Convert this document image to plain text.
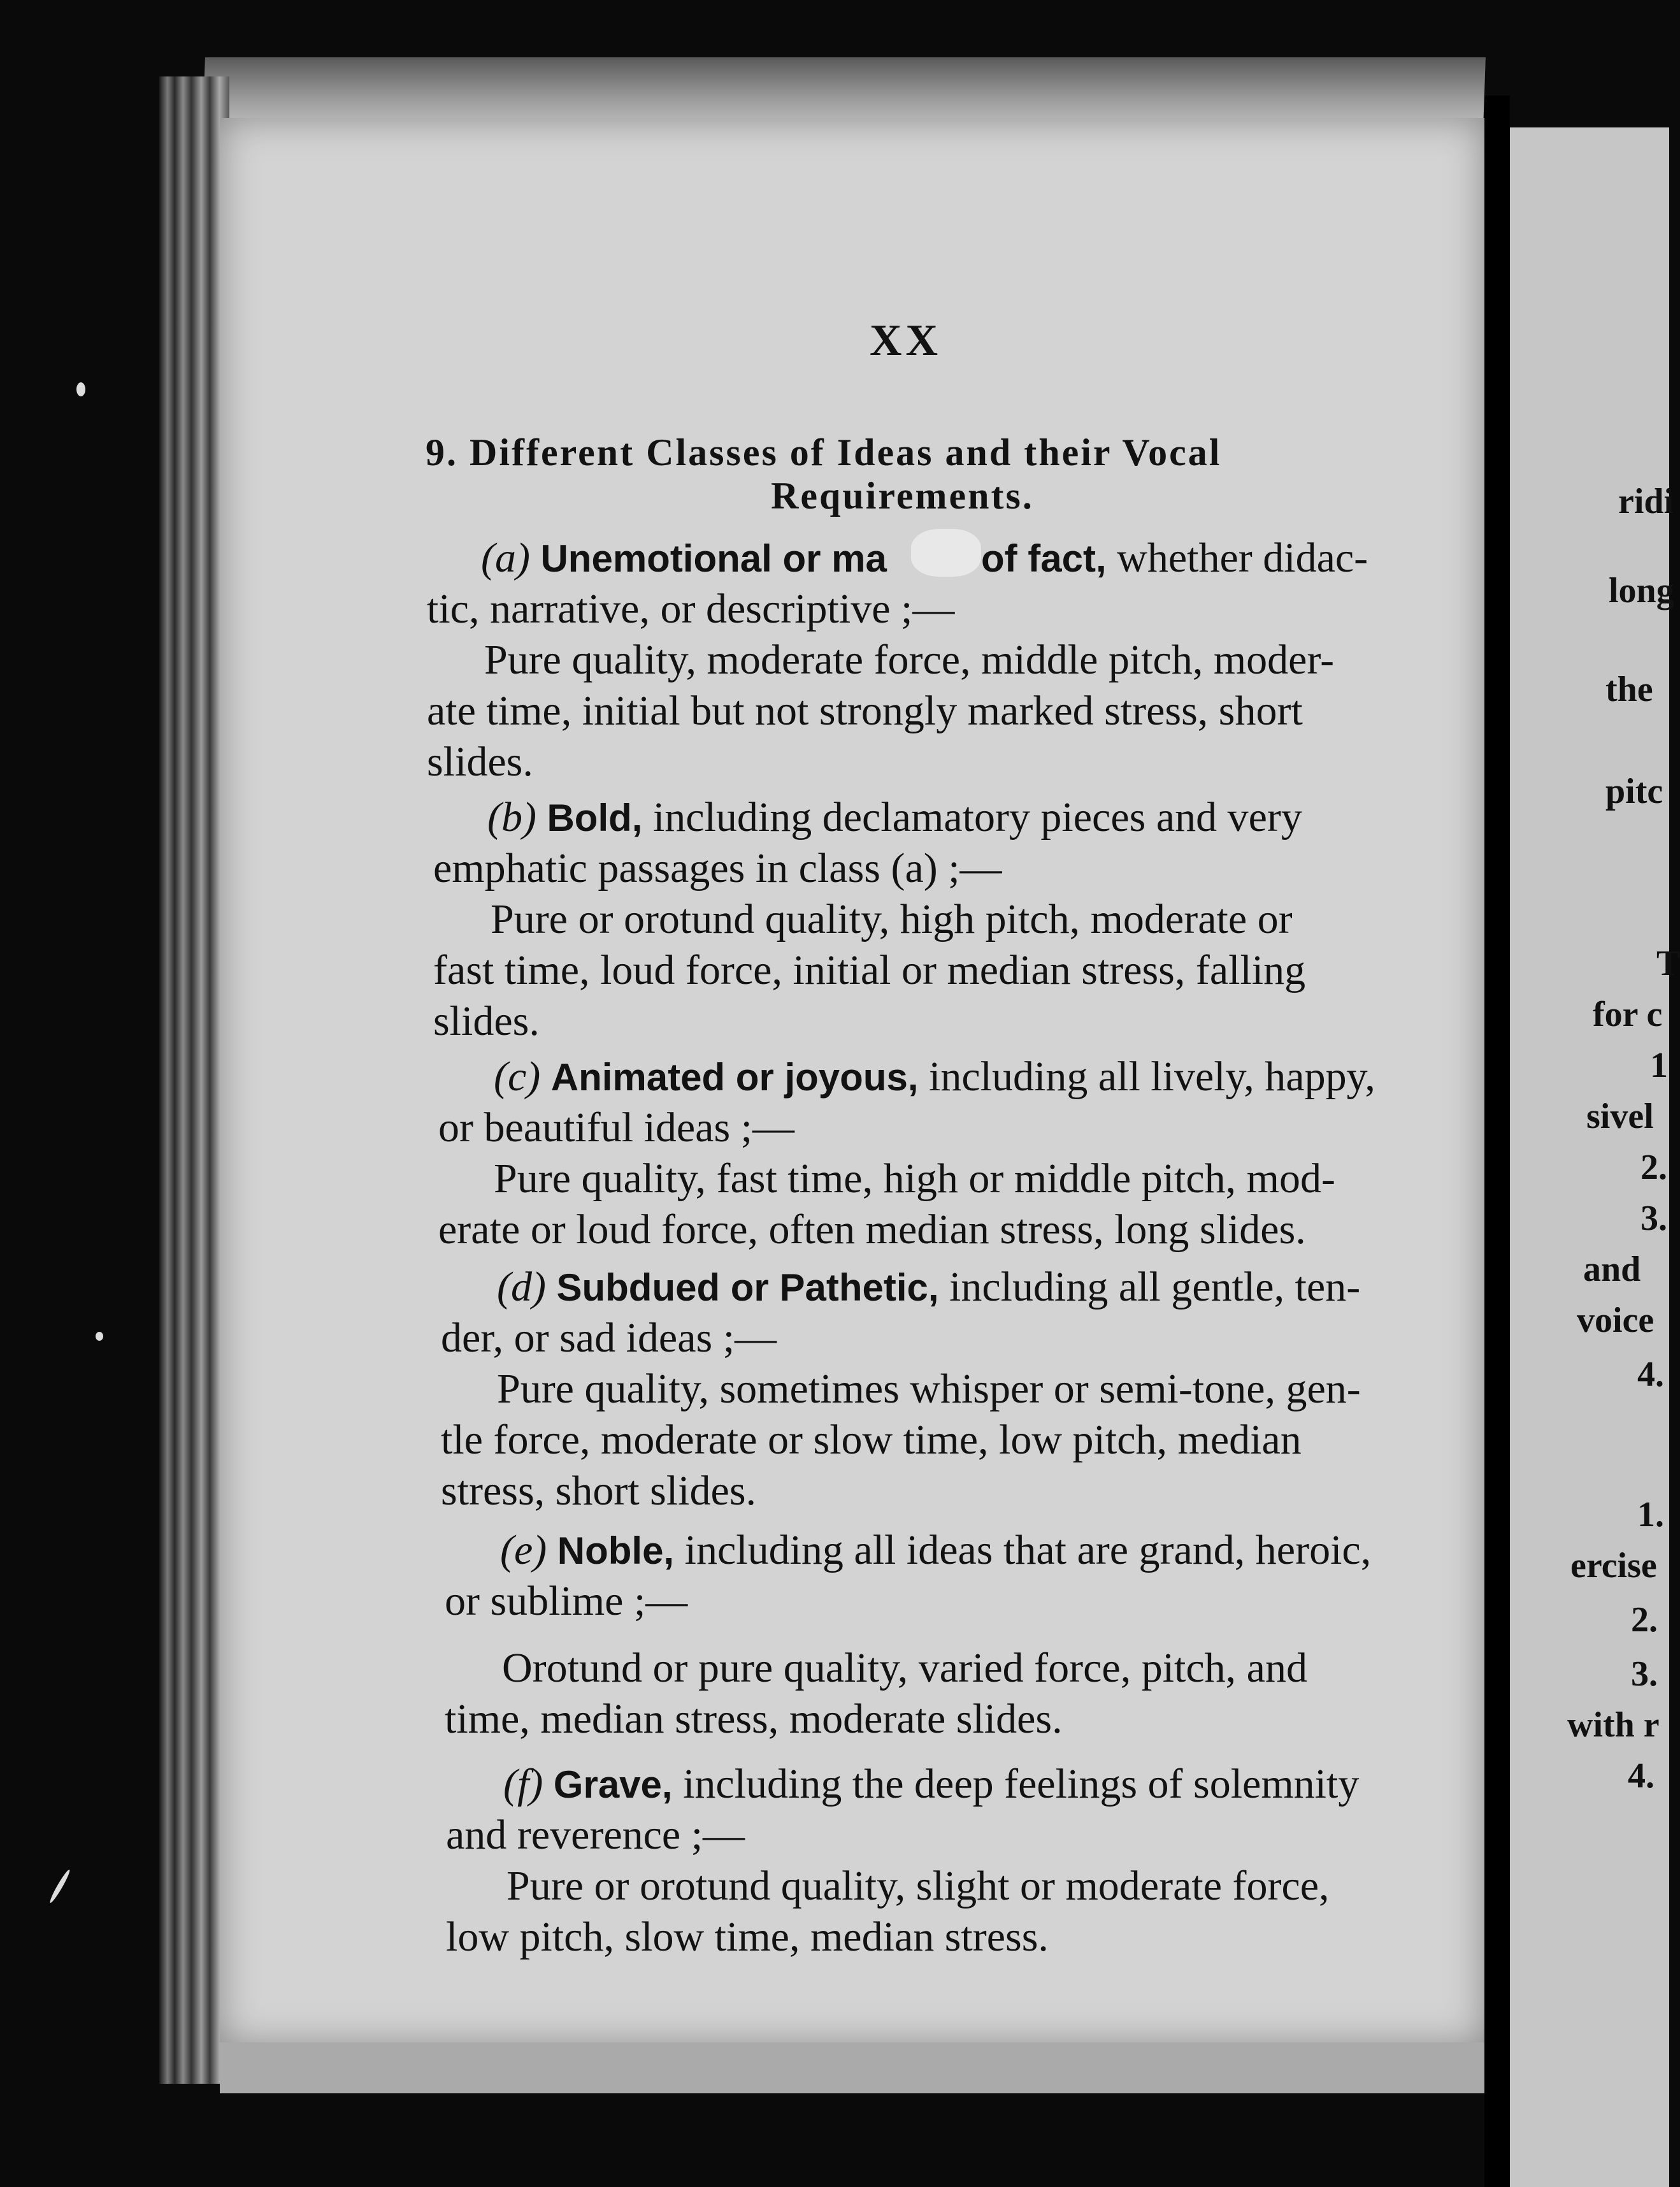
XX
9. Different Classes of Ideas and their Vocal
Requirements.
(a) Unemotional or ma of fact, whether didac-
tic, narrative, or descriptive ;—
Pure quality, moderate force, middle pitch, moder-
ate time, initial but not strongly marked stress, short
slides.
(b) Bold, including declamatory pieces and very
emphatic passages in class (a) ;—
Pure or orotund quality, high pitch, moderate or
fast time, loud force, initial or median stress, falling
slides.
(c) Animated or joyous, including all lively, happy,
or beautiful ideas ;—
Pure quality, fast time, high or middle pitch, mod-
erate or loud force, often median stress, long slides.
(d) Subdued or Pathetic, including all gentle, ten-
der, or sad ideas ;—
Pure quality, sometimes whisper or semi-tone, gen-
tle force, moderate or slow time, low pitch, median
stress, short slides.
(e) Noble, including all ideas that are grand, heroic,
or sublime ;—
Orotund or pure quality, varied force, pitch, and
time, median stress, moderate slides.
(f) Grave, including the deep feelings of solemnity
and reverence ;—
Pure or orotund quality, slight or moderate force,
low pitch, slow time, median stress.
ridi
long
the
pitc
T
for c
1
sivel
2.
3.
and
voice
4.
1.
ercise
2.
3.
with r
4.
